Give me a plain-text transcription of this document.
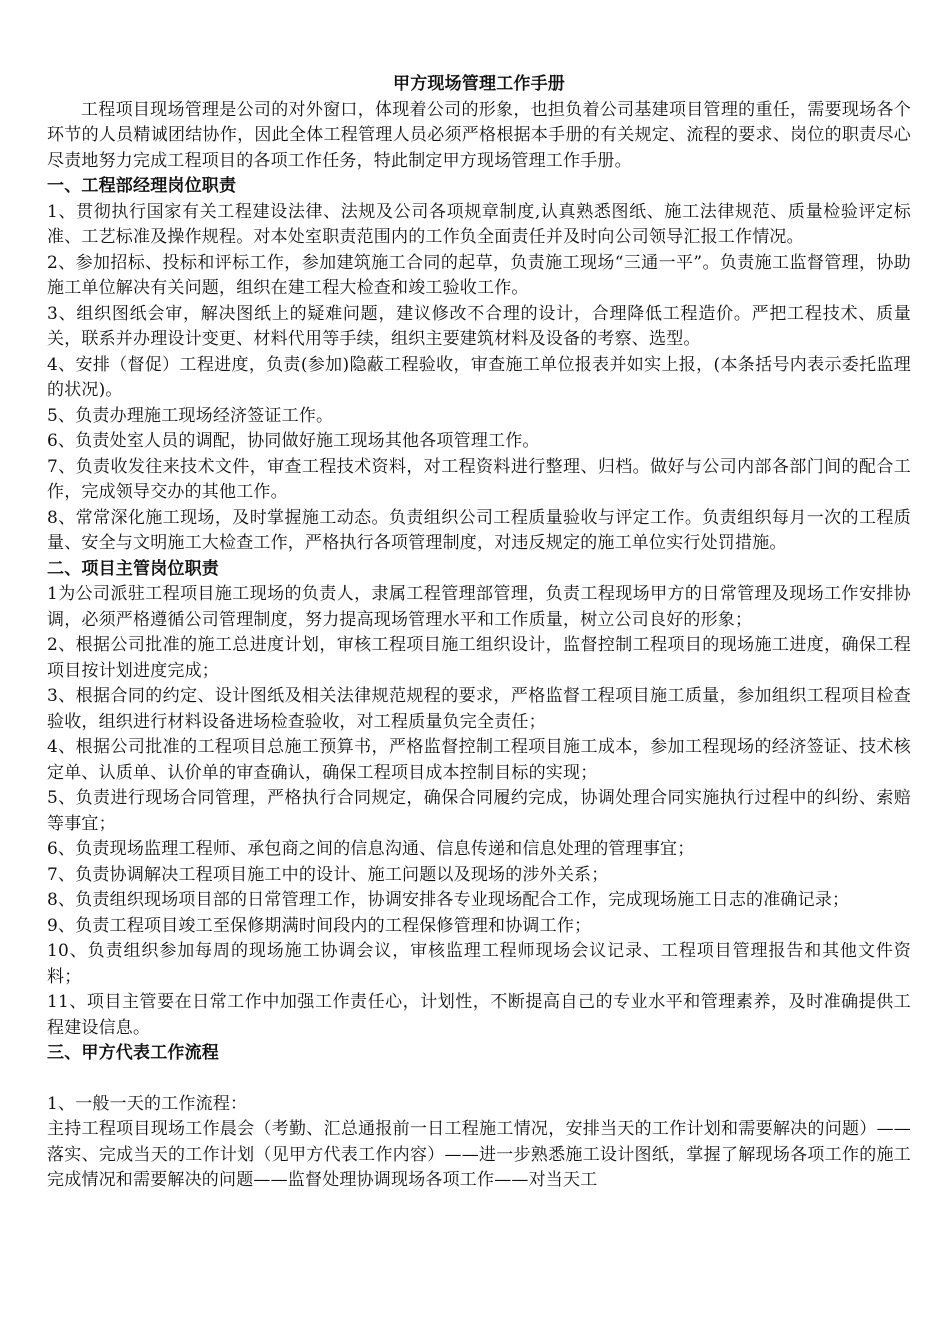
甲方现场管理工作手册

工程项目现场管理是公司的对外窗口，体现着公司的形象，也担负着公司基建项目管理的重任，需要现场各个环节的人员精诚团结协作，因此全体工程管理人员必须严格根据本手册的有关规定、流程的要求、岗位的职责尽心尽责地努力完成工程项目的各项工作任务，特此制定甲方现场管理工作手册。

一、工程部经理岗位职责

1、贯彻执行国家有关工程建设法律、法规及公司各项规章制度,认真熟悉图纸、施工法律规范、质量检验评定标准、工艺标准及操作规程。对本处室职责范围内的工作负全面责任并及时向公司领导汇报工作情况。

2、参加招标、投标和评标工作，参加建筑施工合同的起草，负责施工现场“三通一平”。负责施工监督管理，协助施工单位解决有关问题，组织在建工程大检查和竣工验收工作。

3、组织图纸会审，解决图纸上的疑难问题，建议修改不合理的设计，合理降低工程造价。严把工程技术、质量关，联系并办理设计变更、材料代用等手续，组织主要建筑材料及设备的考察、选型。

4、安排（督促）工程进度，负责(参加)隐蔽工程验收，审查施工单位报表并如实上报，(本条括号内表示委托监理的状况)。

5、负责办理施工现场经济签证工作。

6、负责处室人员的调配，协同做好施工现场其他各项管理工作。

7、负责收发往来技术文件，审查工程技术资料，对工程资料进行整理、归档。做好与公司内部各部门间的配合工作，完成领导交办的其他工作。

8、常常深化施工现场，及时掌握施工动态。负责组织公司工程质量验收与评定工作。负责组织每月一次的工程质量、安全与文明施工大检查工作，严格执行各项管理制度，对违反规定的施工单位实行处罚措施。

二、项目主管岗位职责

1为公司派驻工程项目施工现场的负责人，隶属工程管理部管理，负责工程现场甲方的日常管理及现场工作安排协调，必须严格遵循公司管理制度，努力提高现场管理水平和工作质量，树立公司良好的形象；

2、根据公司批准的施工总进度计划，审核工程项目施工组织设计，监督控制工程项目的现场施工进度，确保工程项目按计划进度完成；

3、根据合同的约定、设计图纸及相关法律规范规程的要求，严格监督工程项目施工质量，参加组织工程项目检查验收，组织进行材料设备进场检查验收，对工程质量负完全责任；

4、根据公司批准的工程项目总施工预算书，严格监督控制工程项目施工成本，参加工程现场的经济签证、技术核定单、认质单、认价单的审查确认，确保工程项目成本控制目标的实现；

5、负责进行现场合同管理，严格执行合同规定，确保合同履约完成，协调处理合同实施执行过程中的纠纷、索赔等事宜；

6、负责现场监理工程师、承包商之间的信息沟通、信息传递和信息处理的管理事宜；

7、负责协调解决工程项目施工中的设计、施工问题以及现场的涉外关系；

8、负责组织现场项目部的日常管理工作，协调安排各专业现场配合工作，完成现场施工日志的准确记录；

9、负责工程项目竣工至保修期满时间段内的工程保修管理和协调工作；

10、负责组织参加每周的现场施工协调会议，审核监理工程师现场会议记录、工程项目管理报告和其他文件资料；

11、项目主管要在日常工作中加强工作责任心，计划性，不断提高自己的专业水平和管理素养，及时准确提供工程建设信息。

三、甲方代表工作流程

1、一般一天的工作流程：

主持工程项目现场工作晨会（考勤、汇总通报前一日工程施工情况，安排当天的工作计划和需要解决的问题）——落实、完成当天的工作计划（见甲方代表工作内容）——进一步熟悉施工设计图纸，掌握了解现场各项工作的施工完成情况和需要解决的问题——监督处理协调现场各项工作——对当天工
